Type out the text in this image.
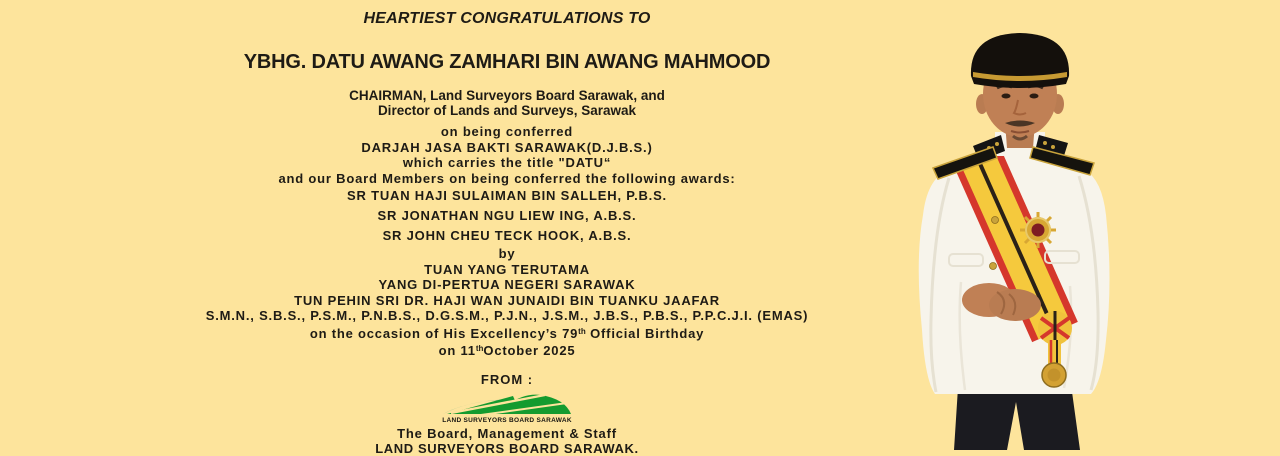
HEARTIEST CONGRATULATIONS TO
YBHG. DATU AWANG ZAMHARI BIN AWANG MAHMOOD
CHAIRMAN, Land Surveyors Board Sarawak, and
Director of Lands and Surveys, Sarawak
on being conferred
DARJAH JASA BAKTI SARAWAK(D.J.B.S.)
which carries the title "DATU“
and our Board Members on being conferred the following awards:
SR TUAN HAJI SULAIMAN BIN SALLEH, P.B.S.
SR JONATHAN NGU LIEW ING, A.B.S.
SR JOHN CHEU TECK HOOK, A.B.S.
by
TUAN YANG TERUTAMA
YANG DI-PERTUA NEGERI SARAWAK
TUN PEHIN SRI DR. HAJI WAN JUNAIDI BIN TUANKU JAAFAR
S.M.N., S.B.S., P.S.M., P.N.B.S., D.G.S.M., P.J.N., J.S.M., J.B.S., P.B.S., P.P.C.J.I. (EMAS)
on the occasion of His Excellency’s 79th Official Birthday
on 11thOctober 2025
FROM :
LAND SURVEYORS BOARD SARAWAK
The Board, Management & Staff
LAND SURVEYORS BOARD SARAWAK.
